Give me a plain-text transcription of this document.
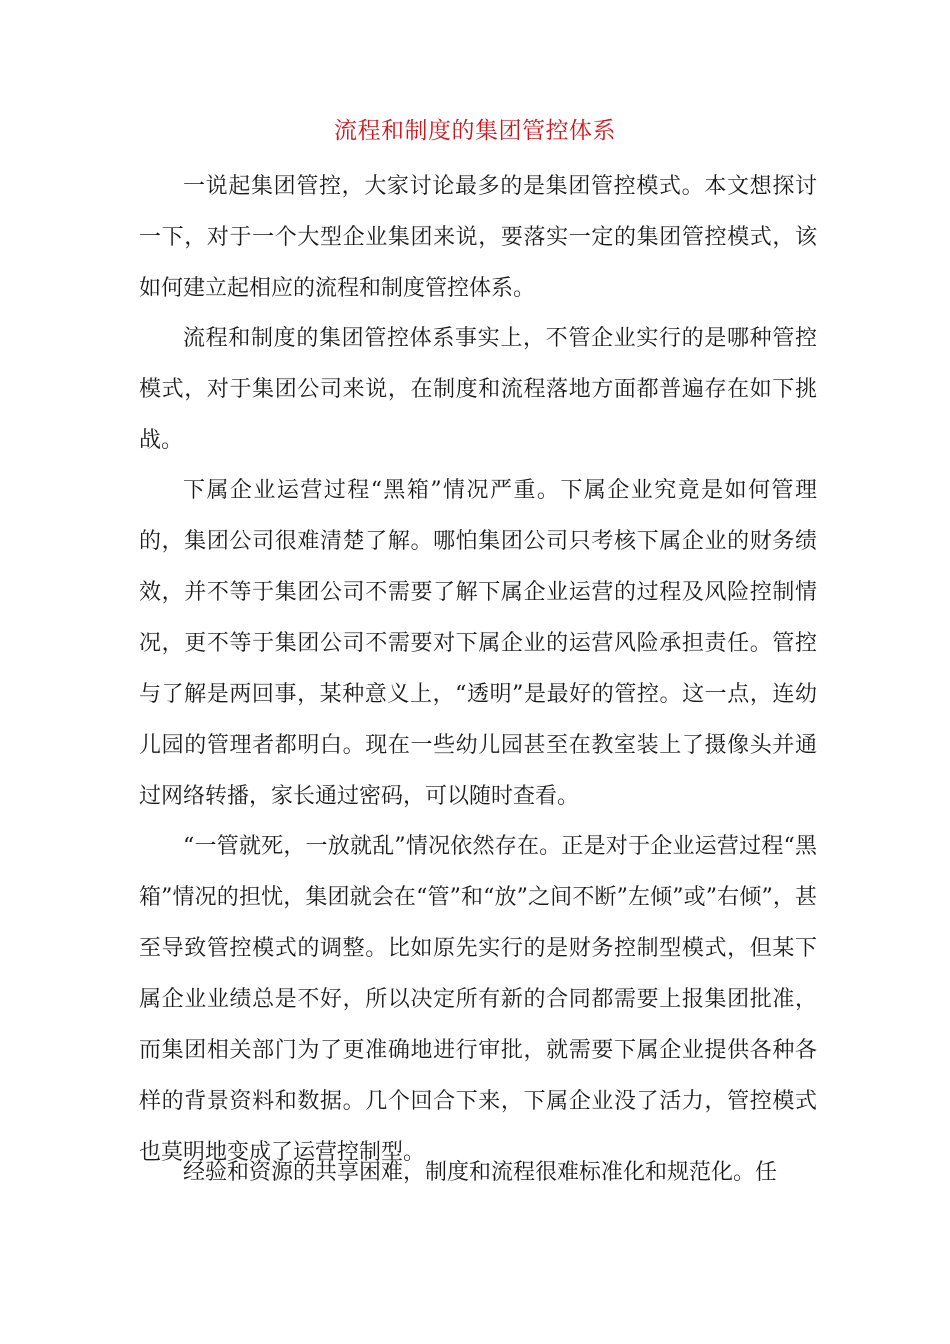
流程和制度的集团管控体系

一说起集团管控，大家讨论最多的是集团管控模式。本文想探讨一下，对于一个大型企业集团来说，要落实一定的集团管控模式，该如何建立起相应的流程和制度管控体系。

流程和制度的集团管控体系事实上，不管企业实行的是哪种管控模式，对于集团公司来说，在制度和流程落地方面都普遍存在如下挑战。

下属企业运营过程“黑箱”情况严重。下属企业究竟是如何管理的，集团公司很难清楚了解。哪怕集团公司只考核下属企业的财务绩效，并不等于集团公司不需要了解下属企业运营的过程及风险控制情况，更不等于集团公司不需要对下属企业的运营风险承担责任。管控与了解是两回事，某种意义上，“透明”是最好的管控。这一点，连幼儿园的管理者都明白。现在一些幼儿园甚至在教室装上了摄像头并通过网络转播，家长通过密码，可以随时查看。

“一管就死，一放就乱”情况依然存在。正是对于企业运营过程“黑箱”情况的担忧，集团就会在“管”和“放”之间不断”左倾”或”右倾”，甚至导致管控模式的调整。比如原先实行的是财务控制型模式，但某下属企业业绩总是不好，所以决定所有新的合同都需要上报集团批准，而集团相关部门为了更准确地进行审批，就需要下属企业提供各种各样的背景资料和数据。几个回合下来，下属企业没了活力，管控模式也莫明地变成了运营控制型。

经验和资源的共享困难，制度和流程很难标准化和规范化。任
